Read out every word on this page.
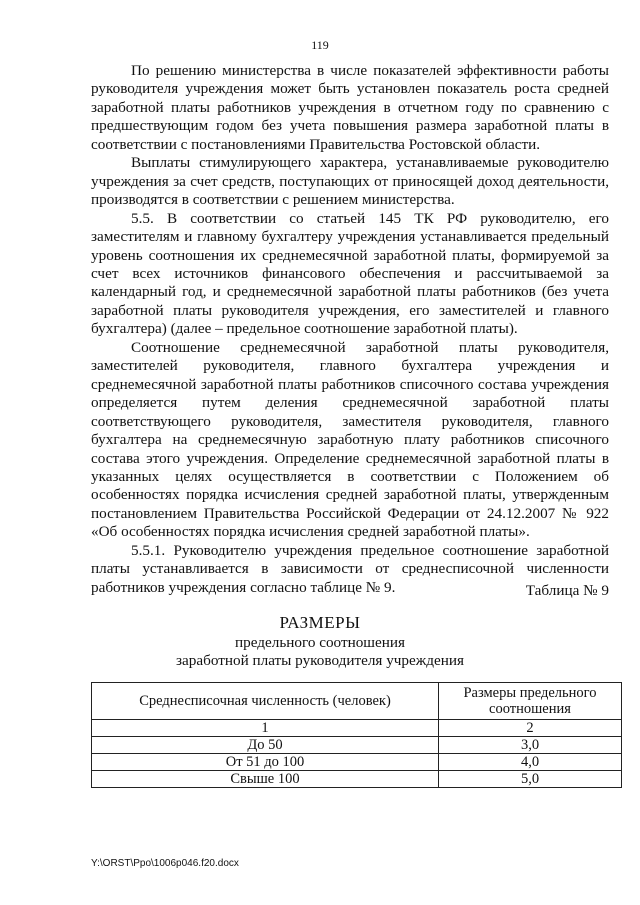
119

По решению министерства в числе показателей эффективности работы руководителя учреждения может быть установлен показатель роста средней заработной платы работников учреждения в отчетном году по сравнению с предшествующим годом без учета повышения размера заработной платы в соответствии с постановлениями Правительства Ростовской области.

Выплаты стимулирующего характера, устанавливаемые руководителю учреждения за счет средств, поступающих от приносящей доход деятельности, производятся в соответствии с решением министерства.

5.5. В соответствии со статьей 145 ТК РФ руководителю, его заместителям и главному бухгалтеру учреждения устанавливается предельный уровень соотношения их среднемесячной заработной платы, формируемой за счет всех источников финансового обеспечения и рассчитываемой за календарный год, и среднемесячной заработной платы работников (без учета заработной платы руководителя учреждения, его заместителей и главного бухгалтера) (далее – предельное соотношение заработной платы).

Соотношение среднемесячной заработной платы руководителя, заместителей руководителя, главного бухгалтера учреждения и среднемесячной заработной платы работников списочного состава учреждения определяется путем деления среднемесячной заработной платы соответствующего руководителя, заместителя руководителя, главного бухгалтера на среднемесячную заработную плату работников списочного состава этого учреждения. Определение среднемесячной заработной платы в указанных целях осуществляется в соответствии с Положением об особенностях порядка исчисления средней заработной платы, утвержденным постановлением Правительства Российской Федерации от 24.12.2007 № 922 «Об особенностях порядка исчисления средней заработной платы».

5.5.1. Руководителю учреждения предельное соотношение заработной платы устанавливается в зависимости от среднесписочной численности работников учреждения согласно таблице № 9.	Таблица № 9
РАЗМЕРЫ
предельного соотношения
заработной платы руководителя учреждения
Среднесписочная численность (человек)	Размеры предельного соотношения
1	2
До 50	3,0
От 51 до 100	4,0
Свыше 100	5,0
Y:\ORST\Ppo\1006p046.f20.docx
